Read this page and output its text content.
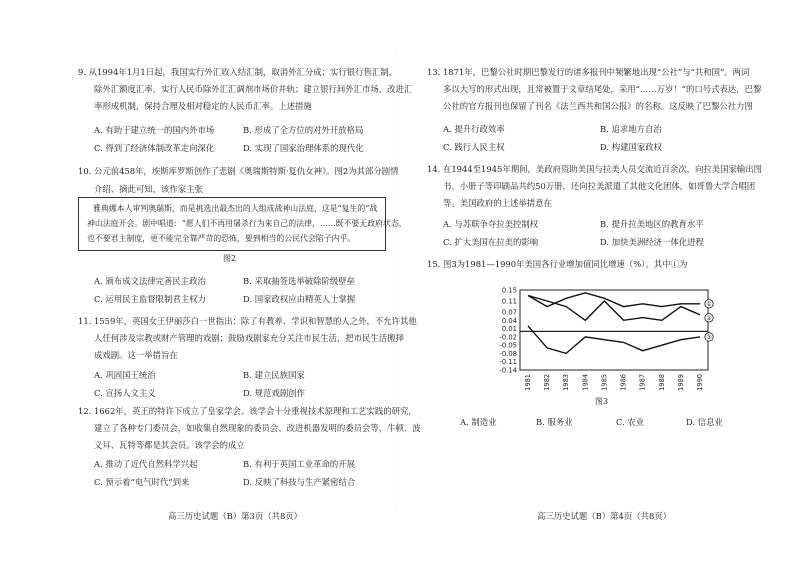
9. 从1994年1月1日起，我国实行外汇收入结汇制，取消外汇分成；实行银行售汇制，
除外汇额度汇率，实行人民币除外汇汇调剂市场价并轨；建立银行间外汇市场，改进汇
率形成机制，保持合理及相对稳定的人民币汇率。上述措施
A. 有助于建立统一的国内外市场	B. 形成了全方位的对外开放格局
C. 得到了经济体制改革走向深化	D. 实现了国家治理体系的现代化
10. 公元前458年，埃斯库罗斯创作了悲剧《奥瑞斯特斯·复仇女神》。图2为其部分剧情
介绍、摘此可知，该作家主张
雅典娜本人审判奥瑞斯，而是挑选出最杰出的人组成战神山法庭，这是“复生的”战
神山法庭开会。剧中唱道：“愿人们不再用屠杀行为来自己的法律，……既不要无政府状态，
也不要君主制度，更不能完全靠严苛的恐怖，要到相当的公民代会陷子内乎。
图2
A. 颁布成文法律完善民主政治	B. 采取抽签选举破除阶级壁垒
C. 运用民主监督限制君主权力	D. 国家政权应由精英人士掌握
11. 1559年，英国女王伊丽莎白一世指出：除了有教养、学识和智慧的人之外，不允许其他
人任何涉及宗教或财产管理的戏剧；鼓励戏剧家充分关注市民生活，把市民生活搬择
成戏剧。这一举措旨在
A. 巩固国王统治	B. 建立民族国家
C. 宣扬人文主义	D. 规范戏剧创作
12. 1662年，英王的特许下成立了皇家学会。该学会十分重视技术原理和工艺实践的研究，
建立了各种专门委员会，如收集自然现象的委员会、改进机器发明的委员会等，牛顿、波
义耳、瓦特等都是其会员。该学会的成立
A. 推动了近代自然科学兴起	B. 有利于英国工业革命的开展
C. 预示着“电气时代”到来	D. 反映了科技与生产紧密结合
高三历史试题（B）第3页（共8页）
13. 1871年，巴黎公社时期巴黎发行的诸多报刊中频繁地出现“公社”与“共和国”。两词
多以大写的形式出现，且常被置于文章结尾处，采用“……万岁！”的口号式表达，巴黎
公社的官方报刊也保留了刊名《法兰西共和国公报》的名称。这反映了巴黎公社力图
A. 提升行政效率	B. 追求地方自治
C. 践行人民主权	D. 构建国家政权
14. 在1944至1945年期间，美政府资助美国与拉美人员交流近百余次，向拉美国家输出图
书、小册子等印刷品共约50万册，还向拉美派遣了其他文化团体，如哥鲁大学合唱团
等。美国政府的上述举措意在
A. 与苏联争夺拉美控制权	B. 提升拉美地区的教育水平
C. 扩大美国在拉美的影响	D. 加快美洲经济一体化进程
15. 图3为1981—1990年美国各行业增加值同比增速（%）。其中①为
图3
A. 制造业	B. 服务业	C. 农业	D. 信息业
高三历史试题（B）第4页（共8页）
0.15
0.11
0.07
0.04
0.01
-0.02
-0.05
-0.08
-0.11
-0.14
1981 1982 1983 1984 1985 1986 1987 1988 1989 1990
①
②
③
